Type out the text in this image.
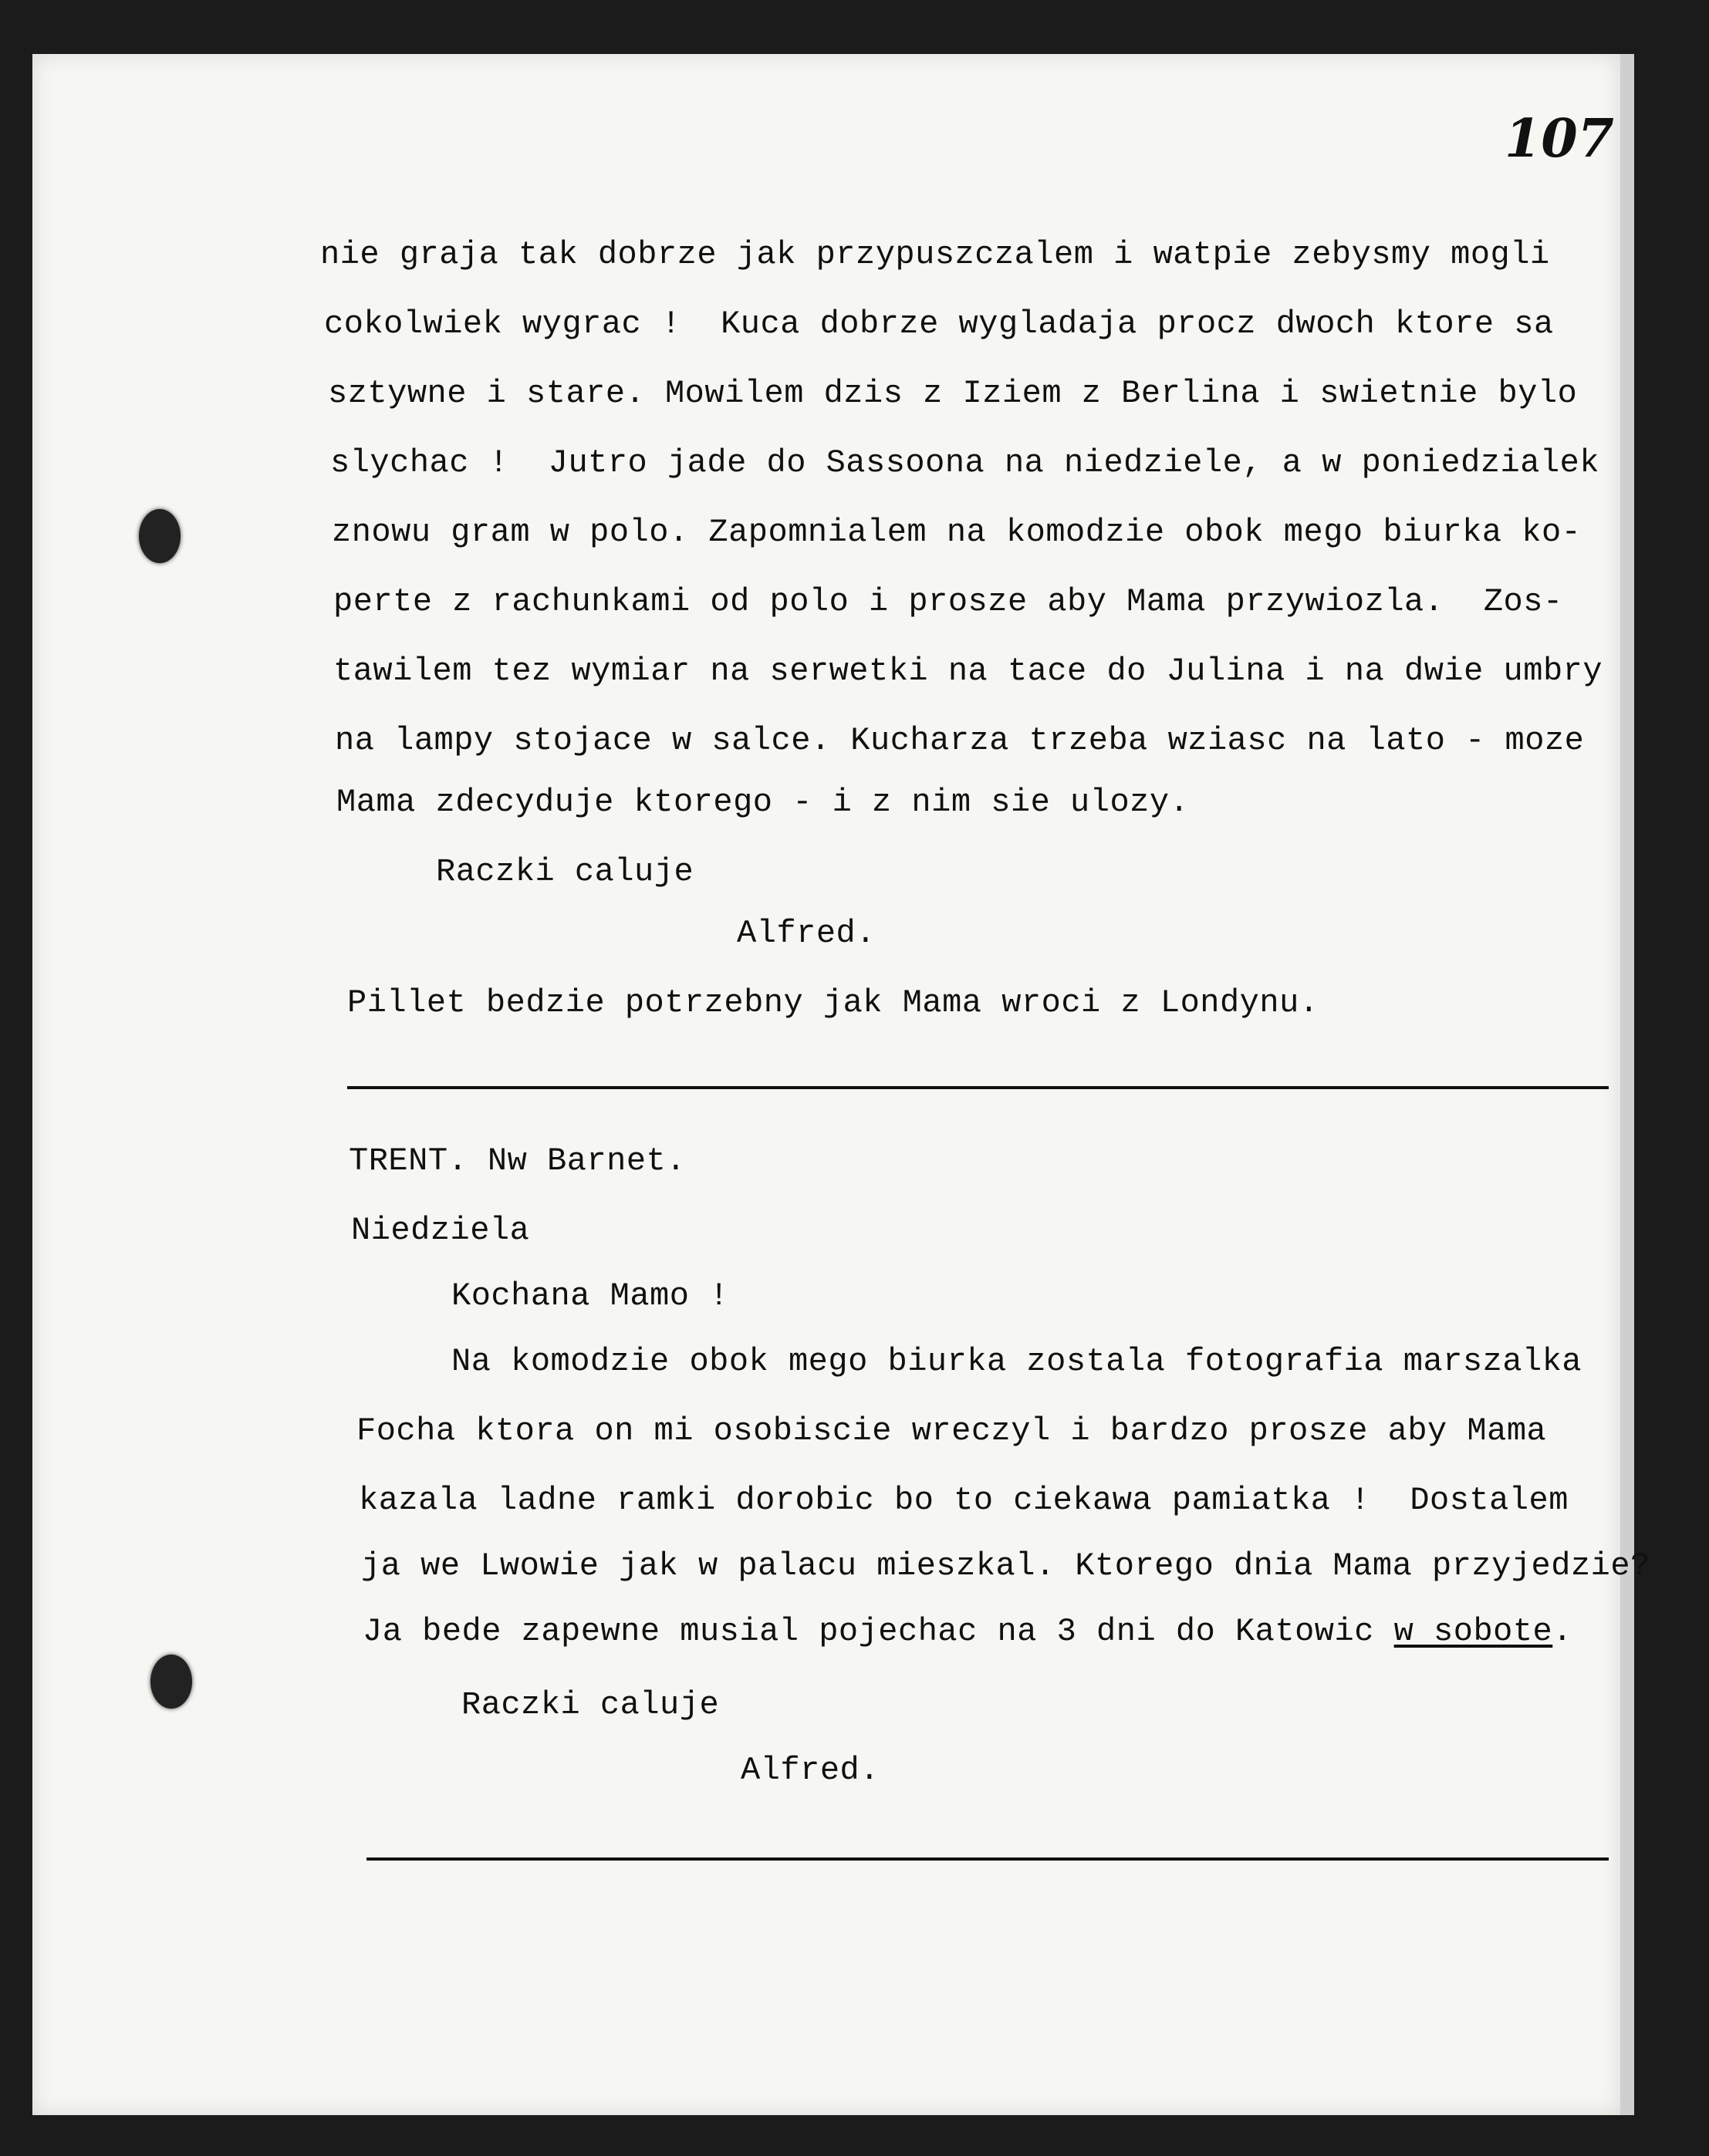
107
nie graja tak dobrze jak przypuszczalem i watpie zebysmy mogli
cokolwiek wygrac !  Kuca dobrze wygladaja procz dwoch ktore sa
sztywne i stare. Mowilem dzis z Iziem z Berlina i swietnie bylo
slychac !  Jutro jade do Sassoona na niedziele, a w poniedzialek
znowu gram w polo. Zapomnialem na komodzie obok mego biurka ko-
perte z rachunkami od polo i prosze aby Mama przywiozla.  Zos-
tawilem tez wymiar na serwetki na tace do Julina i na dwie umbry
na lampy stojace w salce. Kucharza trzeba wziasc na lato - moze
Mama zdecyduje ktorego - i z nim sie ulozy.
Raczki caluje
Alfred.
Pillet bedzie potrzebny jak Mama wroci z Londynu.
TRENT. Nw Barnet.
Niedziela
Kochana Mamo !
Na komodzie obok mego biurka zostala fotografia marszalka
Focha ktora on mi osobiscie wreczyl i bardzo prosze aby Mama
kazala ladne ramki dorobic bo to ciekawa pamiatka !  Dostalem
ja we Lwowie jak w palacu mieszkal. Ktorego dnia Mama przyjedzie?
Ja bede zapewne musial pojechac na 3 dni do Katowic w sobote.
Raczki caluje
Alfred.
